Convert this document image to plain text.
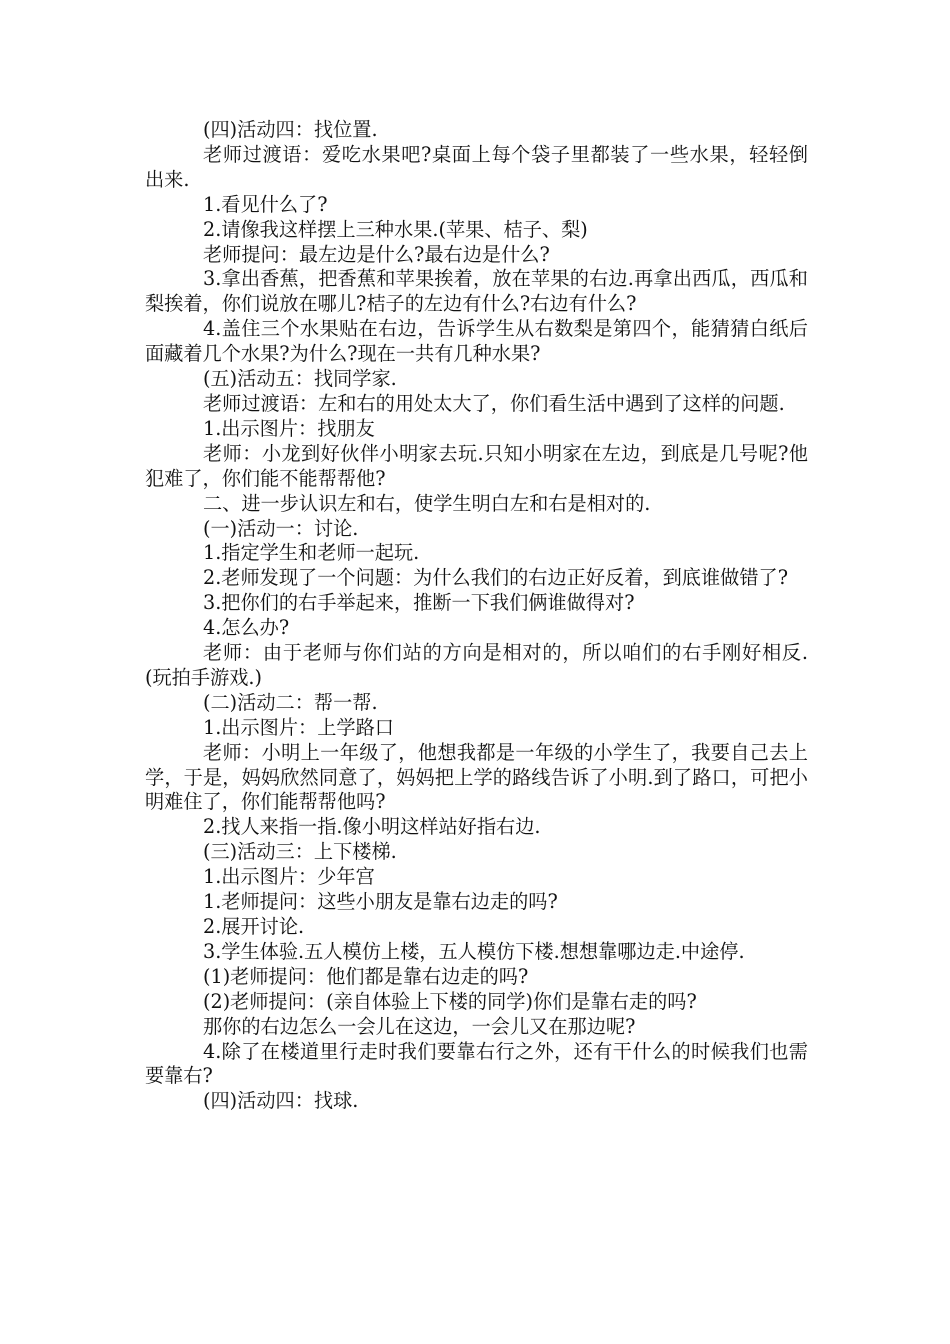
(四)活动四：找位置.

老师过渡语：爱吃水果吧?桌面上每个袋子里都装了一些水果，轻轻倒出来.

1.看见什么了?

2.请像我这样摆上三种水果.(苹果、桔子、梨)

老师提问：最左边是什么?最右边是什么?

3.拿出香蕉，把香蕉和苹果挨着，放在苹果的右边.再拿出西瓜，西瓜和梨挨着，你们说放在哪儿?桔子的左边有什么?右边有什么?

4.盖住三个水果贴在右边，告诉学生从右数梨是第四个，能猜猜白纸后面藏着几个水果?为什么?现在一共有几种水果?

(五)活动五：找同学家.

老师过渡语：左和右的用处太大了，你们看生活中遇到了这样的问题.

1.出示图片：找朋友

老师：小龙到好伙伴小明家去玩.只知小明家在左边，到底是几号呢?他犯难了，你们能不能帮帮他?

二、进一步认识左和右，使学生明白左和右是相对的.

(一)活动一：讨论.

1.指定学生和老师一起玩.

2.老师发现了一个问题：为什么我们的右边正好反着，到底谁做错了?

3.把你们的右手举起来，推断一下我们俩谁做得对?

4.怎么办?

老师：由于老师与你们站的方向是相对的，所以咱们的右手刚好相反.(玩拍手游戏.)

(二)活动二：帮一帮.

1.出示图片：上学路口

老师：小明上一年级了，他想我都是一年级的小学生了，我要自己去上学，于是，妈妈欣然同意了，妈妈把上学的路线告诉了小明.到了路口，可把小明难住了，你们能帮帮他吗?

2.找人来指一指.像小明这样站好指右边.

(三)活动三：上下楼梯.

1.出示图片：少年宫

1.老师提问：这些小朋友是靠右边走的吗?

2.展开讨论.

3.学生体验.五人模仿上楼，五人模仿下楼.想想靠哪边走.中途停.

(1)老师提问：他们都是靠右边走的吗?

(2)老师提问：(亲自体验上下楼的同学)你们是靠右走的吗?

那你的右边怎么一会儿在这边，一会儿又在那边呢?

4.除了在楼道里行走时我们要靠右行之外，还有干什么的时候我们也需要靠右?

(四)活动四：找球.
